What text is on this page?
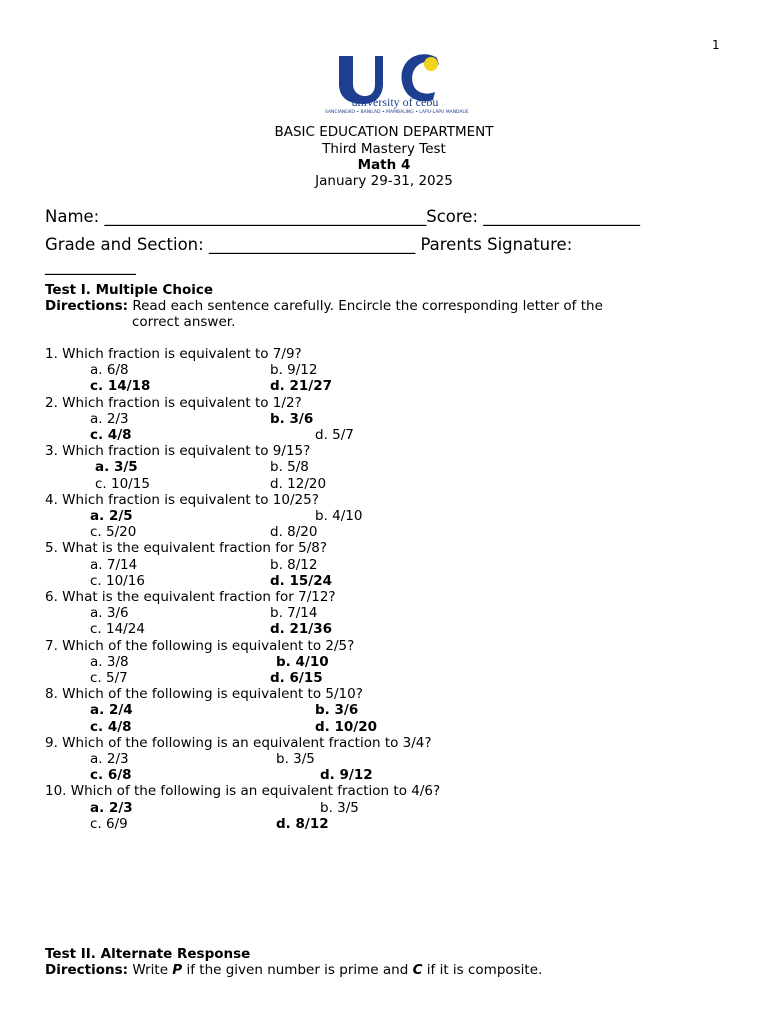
1
university of cebu
SANCIANGKO • BANILAD • MAMBALING • LAPU-LAPU MANDAUE
BASIC EDUCATION DEPARTMENT
Third Mastery Test
Math 4
January 29-31, 2025
Name: _______________________________________Score: ___________________
Grade and Section: _________________________ Parents Signature:
___________
Test I. Multiple Choice
Directions: Read each sentence carefully. Encircle the corresponding letter of the
correct answer.
1. Which fraction is equivalent to 7/9?
a. 6/8	b. 9/12
c. 14/18	d. 21/27
2. Which fraction is equivalent to 1/2?
a. 2/3	b. 3/6
c. 4/8	d. 5/7
3. Which fraction is equivalent to 9/15?
a. 3/5	b. 5/8
c. 10/15	d. 12/20
4. Which fraction is equivalent to 10/25?
a. 2/5	b. 4/10
c. 5/20	d. 8/20
5. What is the equivalent fraction for 5/8?
a. 7/14	b. 8/12
c. 10/16	d. 15/24
6. What is the equivalent fraction for 7/12?
a. 3/6	b. 7/14
c. 14/24	d. 21/36
7. Which of the following is equivalent to 2/5?
a. 3/8	b. 4/10
c. 5/7	d. 6/15
8. Which of the following is equivalent to 5/10?
a. 2/4	b. 3/6
c. 4/8	d. 10/20
9. Which of the following is an equivalent fraction to 3/4?
a. 2/3	b. 3/5
c. 6/8	d. 9/12
10. Which of the following is an equivalent fraction to 4/6?
a. 2/3	b. 3/5
c. 6/9	d. 8/12
Test II. Alternate Response
Directions: Write P if the given number is prime and C if it is composite.
